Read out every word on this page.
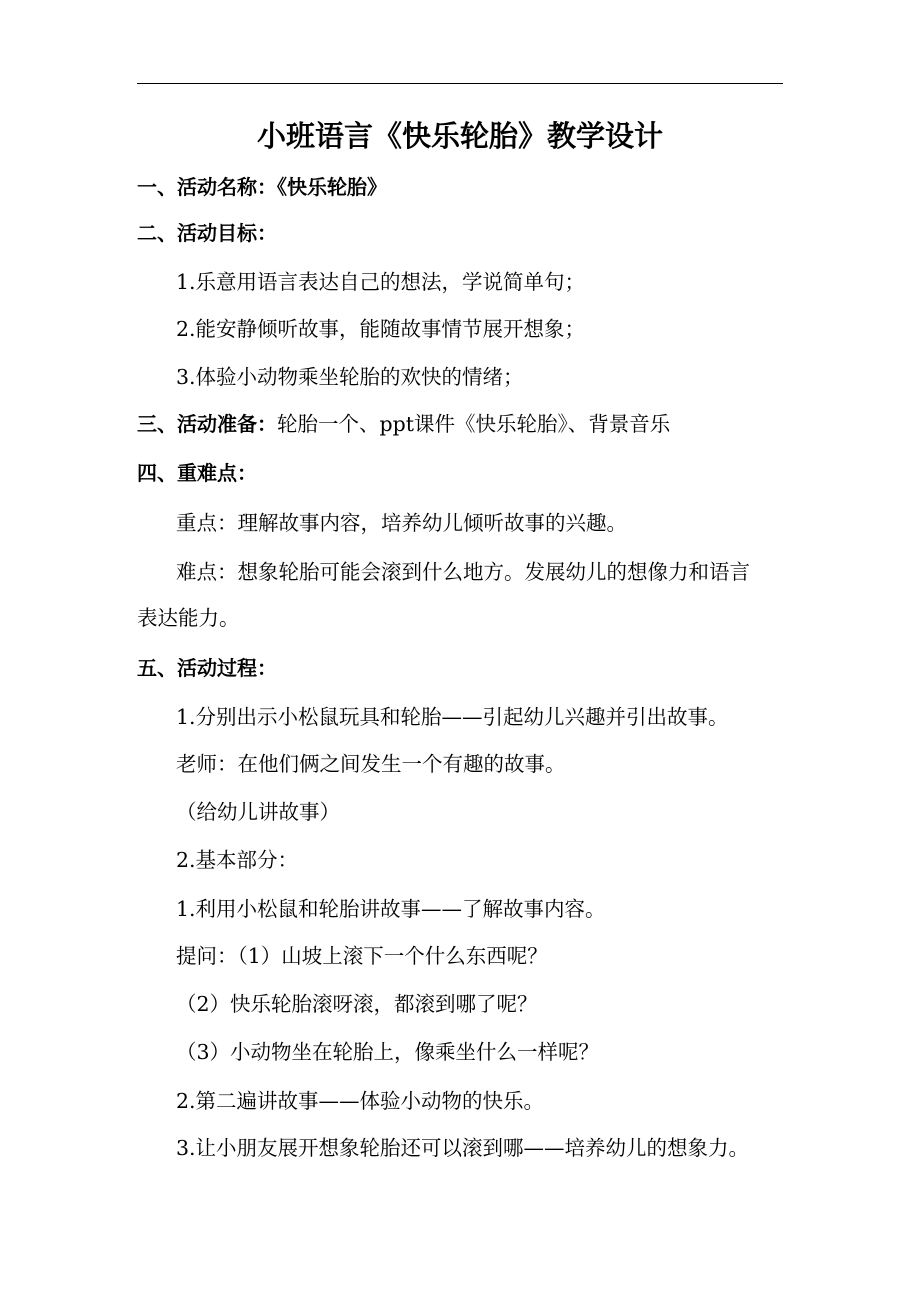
小班语言《快乐轮胎》教学设计
一、活动名称：《快乐轮胎》
二、活动目标：
1.乐意用语言表达自己的想法，学说简单句；
2.能安静倾听故事，能随故事情节展开想象；
3.体验小动物乘坐轮胎的欢快的情绪；
三、活动准备：轮胎一个、ppt课件《快乐轮胎》、背景音乐
四、重难点：
重点：理解故事内容，培养幼儿倾听故事的兴趣。
难点：想象轮胎可能会滚到什么地方。发展幼儿的想像力和语言
表达能力。
五、活动过程：
1.分别出示小松鼠玩具和轮胎——引起幼儿兴趣并引出故事。
老师：在他们俩之间发生一个有趣的故事。
（给幼儿讲故事）
2.基本部分：
1.利用小松鼠和轮胎讲故事——了解故事内容。
提问：（1）山坡上滚下一个什么东西呢？
（2）快乐轮胎滚呀滚，都滚到哪了呢？
（3）小动物坐在轮胎上，像乘坐什么一样呢？
2.第二遍讲故事——体验小动物的快乐。
3.让小朋友展开想象轮胎还可以滚到哪——培养幼儿的想象力。
